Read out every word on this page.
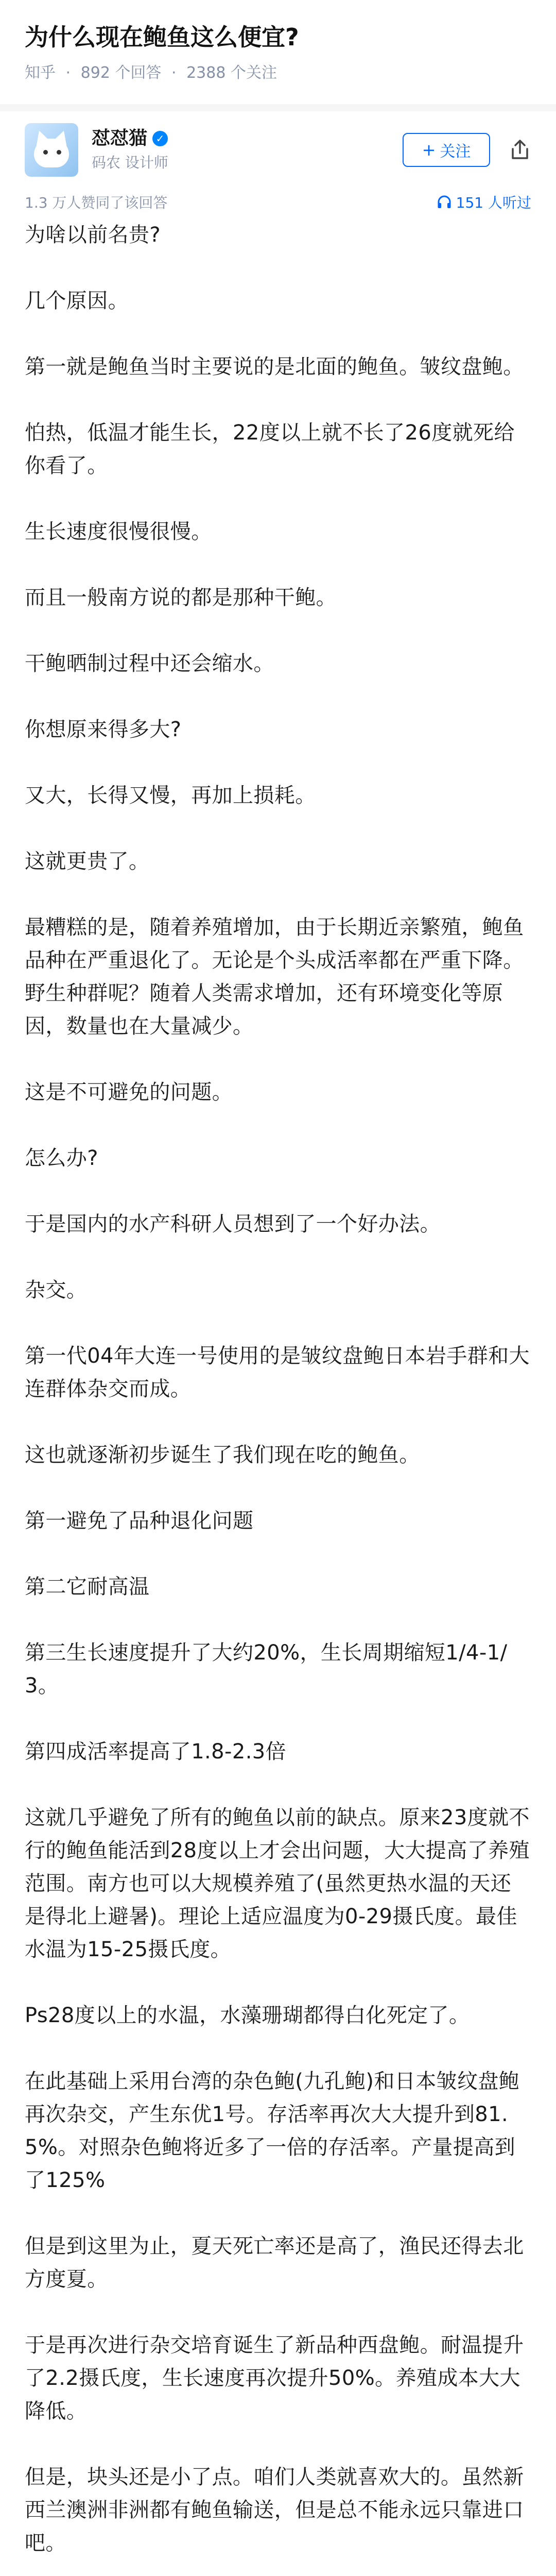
为什么现在鲍鱼这么便宜?
知乎 · 892 个回答 · 2388 个关注
怼怼猫 ✓
码农 设计师
+ 关注
1.3 万人赞同了该回答	151 人听过

为啥以前名贵?

几个原因。

第一就是鲍鱼当时主要说的是北面的鲍鱼。皱纹盘鲍。

怕热，低温才能生长，22度以上就不长了26度就死给你看了。

生长速度很慢很慢。

而且一般南方说的都是那种干鲍。

干鲍晒制过程中还会缩水。

你想原来得多大?

又大，长得又慢，再加上损耗。

这就更贵了。

最糟糕的是，随着养殖增加，由于长期近亲繁殖，鲍鱼品种在严重退化了。无论是个头成活率都在严重下降。野生种群呢？随着人类需求增加，还有环境变化等原因，数量也在大量减少。

这是不可避免的问题。

怎么办?

于是国内的水产科研人员想到了一个好办法。

杂交。

第一代04年大连一号使用的是皱纹盘鲍日本岩手群和大连群体杂交而成。

这也就逐渐初步诞生了我们现在吃的鲍鱼。

第一避免了品种退化问题

第二它耐高温

第三生长速度提升了大约20%，生长周期缩短1/4-1/3。

第四成活率提高了1.8-2.3倍

这就几乎避免了所有的鲍鱼以前的缺点。原来23度就不行的鲍鱼能活到28度以上才会出问题，大大提高了养殖范围。南方也可以大规模养殖了(虽然更热水温的天还是得北上避暑)。理论上适应温度为0-29摄氏度。最佳水温为15-25摄氏度。

Ps28度以上的水温，水藻珊瑚都得白化死定了。

在此基础上采用台湾的杂色鲍(九孔鲍)和日本皱纹盘鲍再次杂交，产生东优1号。存活率再次大大提升到81.5%。对照杂色鲍将近多了一倍的存活率。产量提高到了125%

但是到这里为止，夏天死亡率还是高了，渔民还得去北方度夏。

于是再次进行杂交培育诞生了新品种西盘鲍。耐温提升了2.2摄氏度，生长速度再次提升50%。养殖成本大大降低。

但是，块头还是小了点。咱们人类就喜欢大的。虽然新西兰澳洲非洲都有鲍鱼输送，但是总不能永远只靠进口吧。
